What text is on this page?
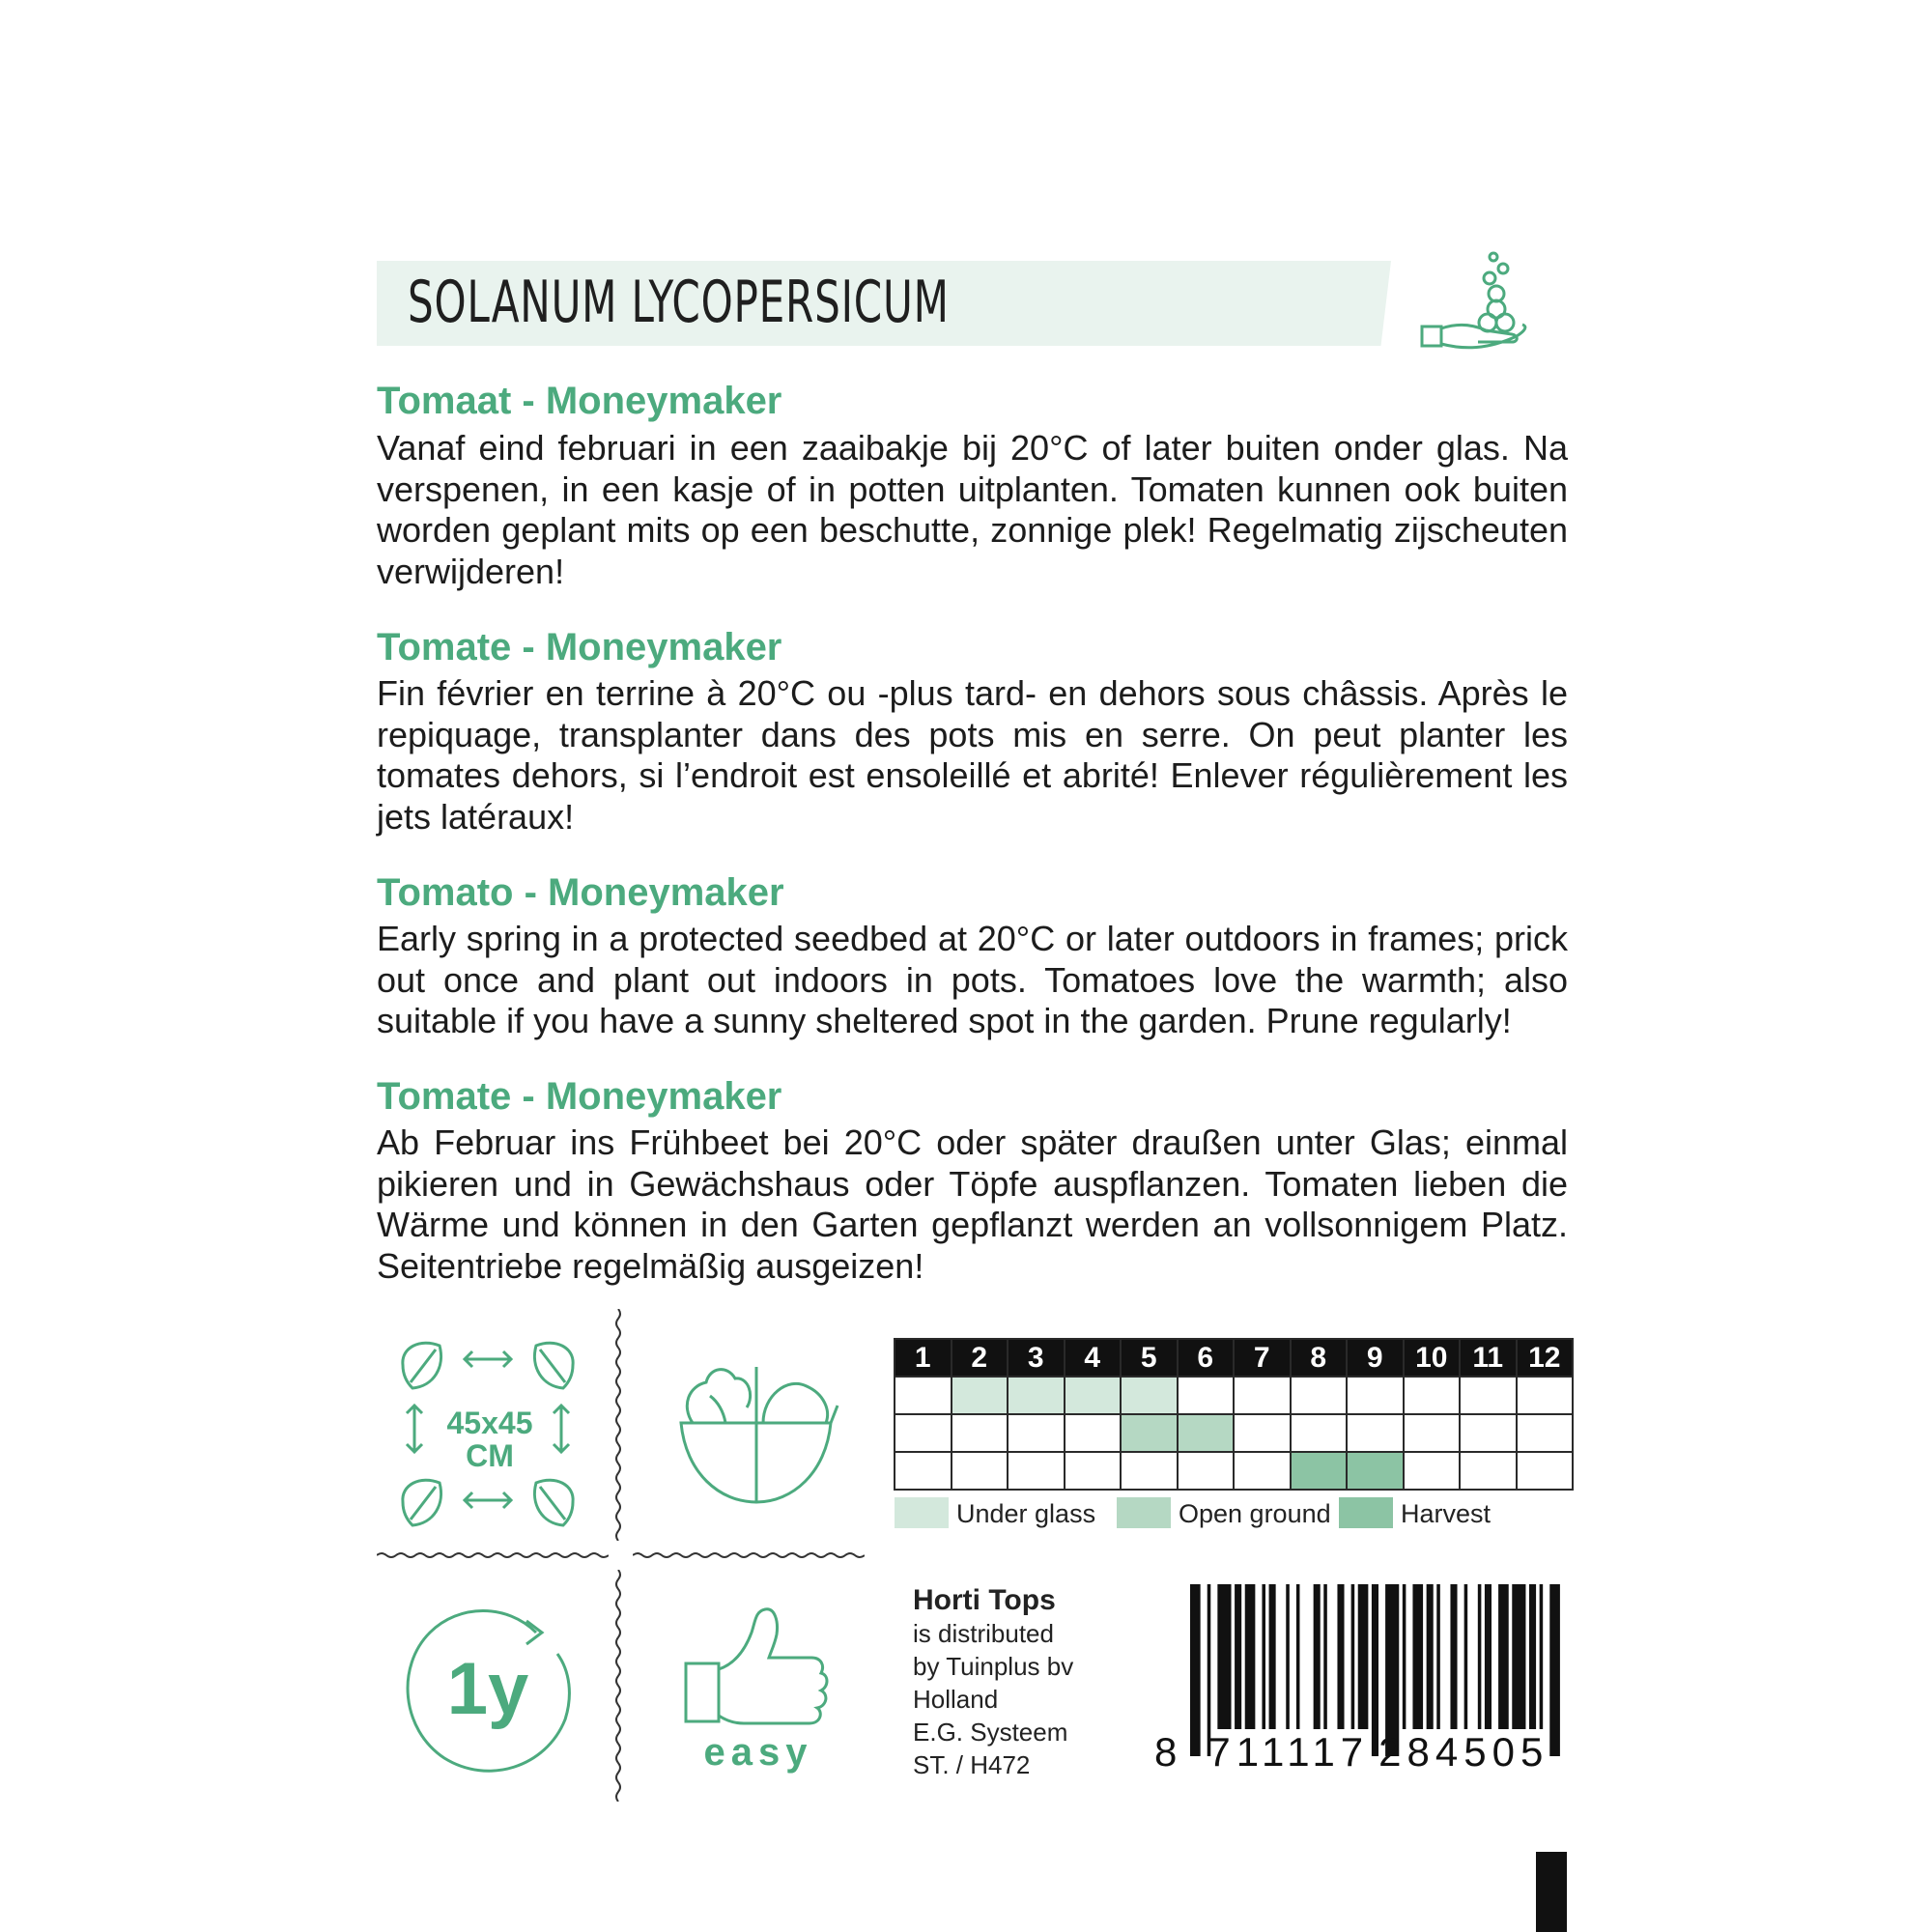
SOLANUM LYCOPERSICUM
Tomaat - Moneymaker
Vanaf eind februari in een zaaibakje bij 20°C of later buiten onder glas. Na verspenen, in een kasje of in potten uitplanten. Tomaten kunnen ook buiten worden geplant mits op een beschutte, zonnige plek! Regelmatig zijscheuten verwijderen!
Tomate - Moneymaker
Fin février en terrine à 20°C ou -plus tard- en dehors sous châssis. Après le repiquage, transplanter dans des pots mis en serre. On peut planter les tomates dehors, si l’endroit est ensoleillé et abrité! Enlever régulièrement les jets latéraux!
Tomato - Moneymaker
Early spring in a protected seedbed at 20°C or later outdoors in frames; prick out once and plant out indoors in pots. Tomatoes love the warmth; also suitable if you have a sunny sheltered spot in the garden. Prune regularly!
Tomate - Moneymaker
Ab Februar ins Frühbeet bei 20°C oder später draußen unter Glas; einmal pikieren und in Gewächshaus oder Töpfe auspflanzen. Tomaten lieben die Wärme und können in den Garten gepflanzt werden an vollsonnigem Platz. Seitentriebe regelmäßig ausgeizen!
45x45
CM
1	2	3	4	5	6	7	8	9	10	11	12

Under glass	Open ground	Harvest
1y
easy
Horti Tops
is distributed
by Tuinplus bv
Holland
E.G. Systeem
ST. / H472	8 711117 284505
